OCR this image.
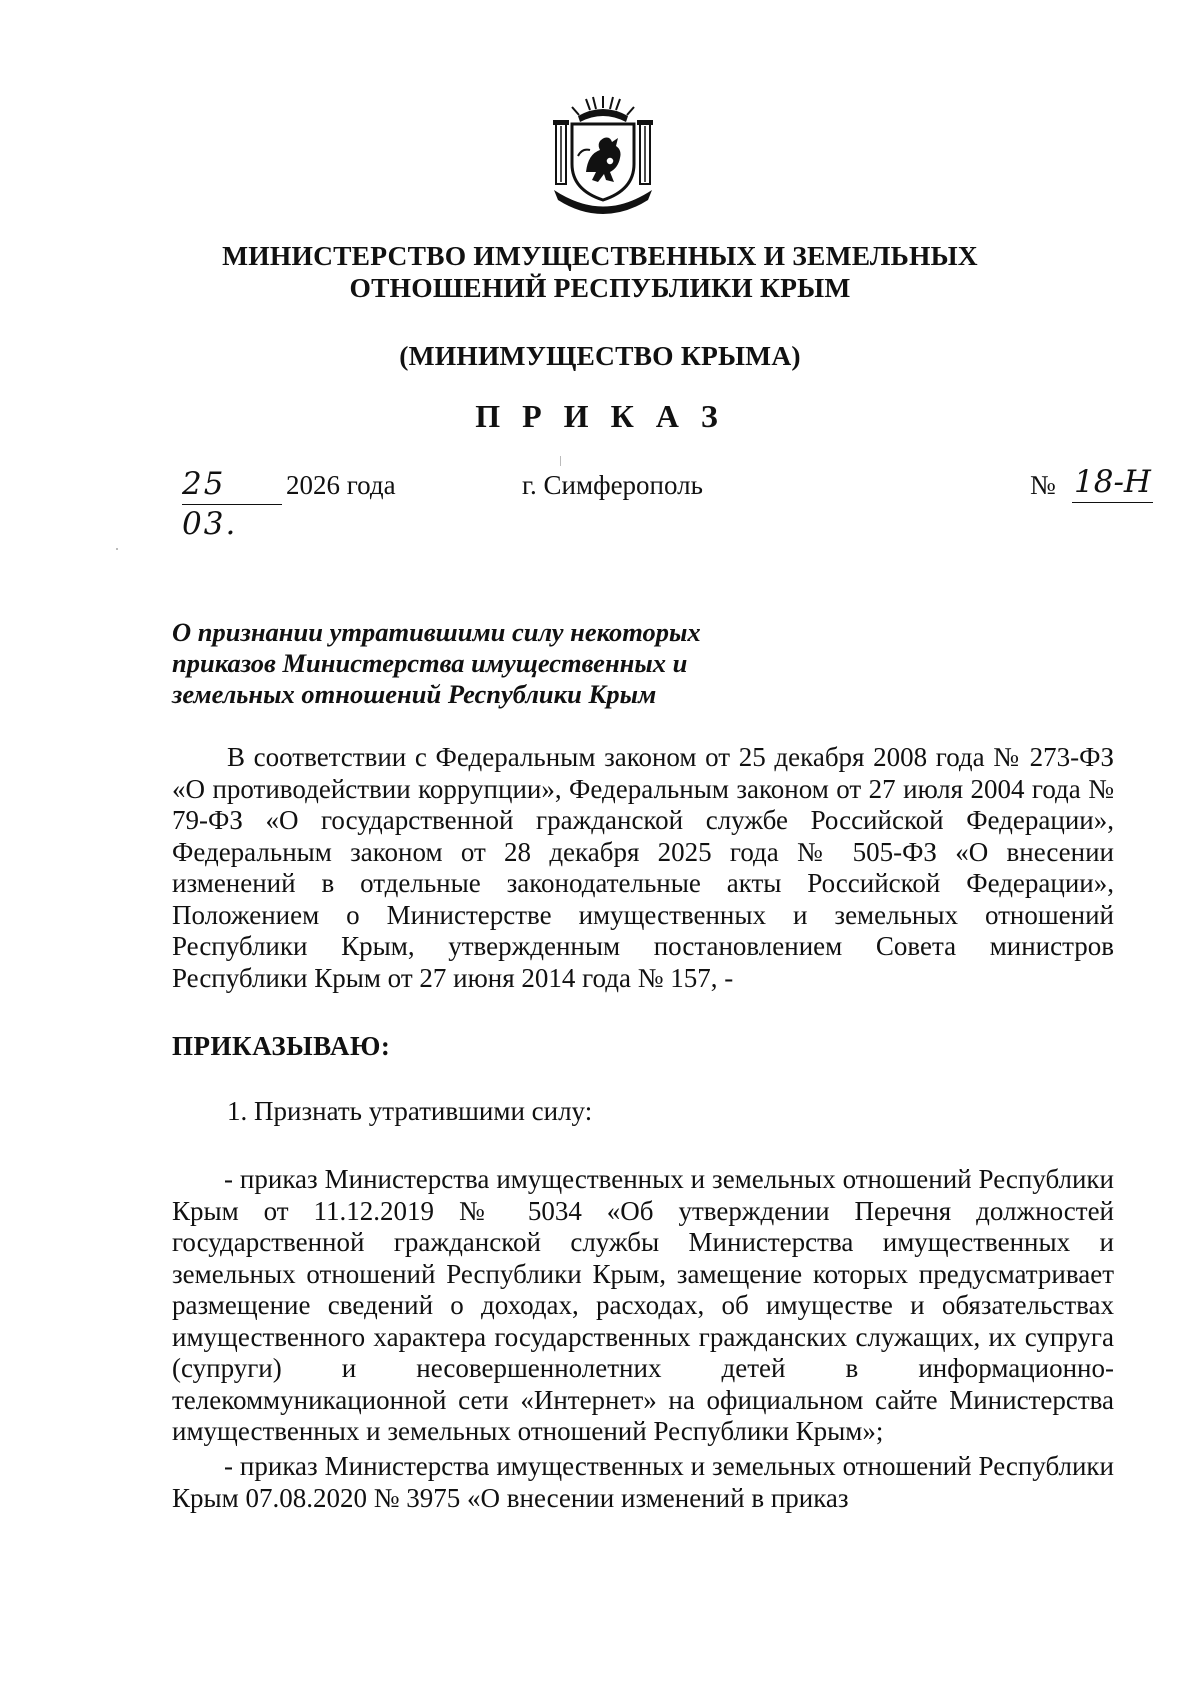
МИНИСТЕРСТВО ИМУЩЕСТВЕННЫХ И ЗЕМЕЛЬНЫХ
ОТНОШЕНИЙ РЕСПУБЛИКИ КРЫМ
(МИНИМУЩЕСТВО КРЫМА)
П Р И К А З
25 03.
2026 года	г. Симферополь	№ 18-Н
О признании утратившими силу некоторых
приказов Министерства имущественных и
земельных отношений Республики Крым
В соответствии с Федеральным законом от 25 декабря 2008 года № 273-ФЗ «О противодействии коррупции», Федеральным законом от 27 июля 2004 года № 79-ФЗ «О государственной гражданской службе Российской Федерации», Федеральным законом от 28 декабря 2025 года № 505-ФЗ «О внесении изменений в отдельные законодательные акты Российской Федерации», Положением о Министерстве имущественных и земельных отношений Республики Крым, утвержденным постановлением Совета министров Республики Крым от 27 июня 2014 года № 157, -
ПРИКАЗЫВАЮ:
1. Признать утратившими силу:
- приказ Министерства имущественных и земельных отношений Республики Крым от 11.12.2019 № 5034 «Об утверждении Перечня должностей государственной гражданской службы Министерства имущественных и земельных отношений Республики Крым, замещение которых предусматривает размещение сведений о доходах, расходах, об имуществе и обязательствах имущественного характера государственных гражданских служащих, их супруга (супруги) и несовершеннолетних детей в информационно-телекоммуникационной сети «Интернет» на официальном сайте Министерства имущественных и земельных отношений Республики Крым»;
- приказ Министерства имущественных и земельных отношений Республики Крым 07.08.2020 № 3975 «О внесении изменений в приказ
